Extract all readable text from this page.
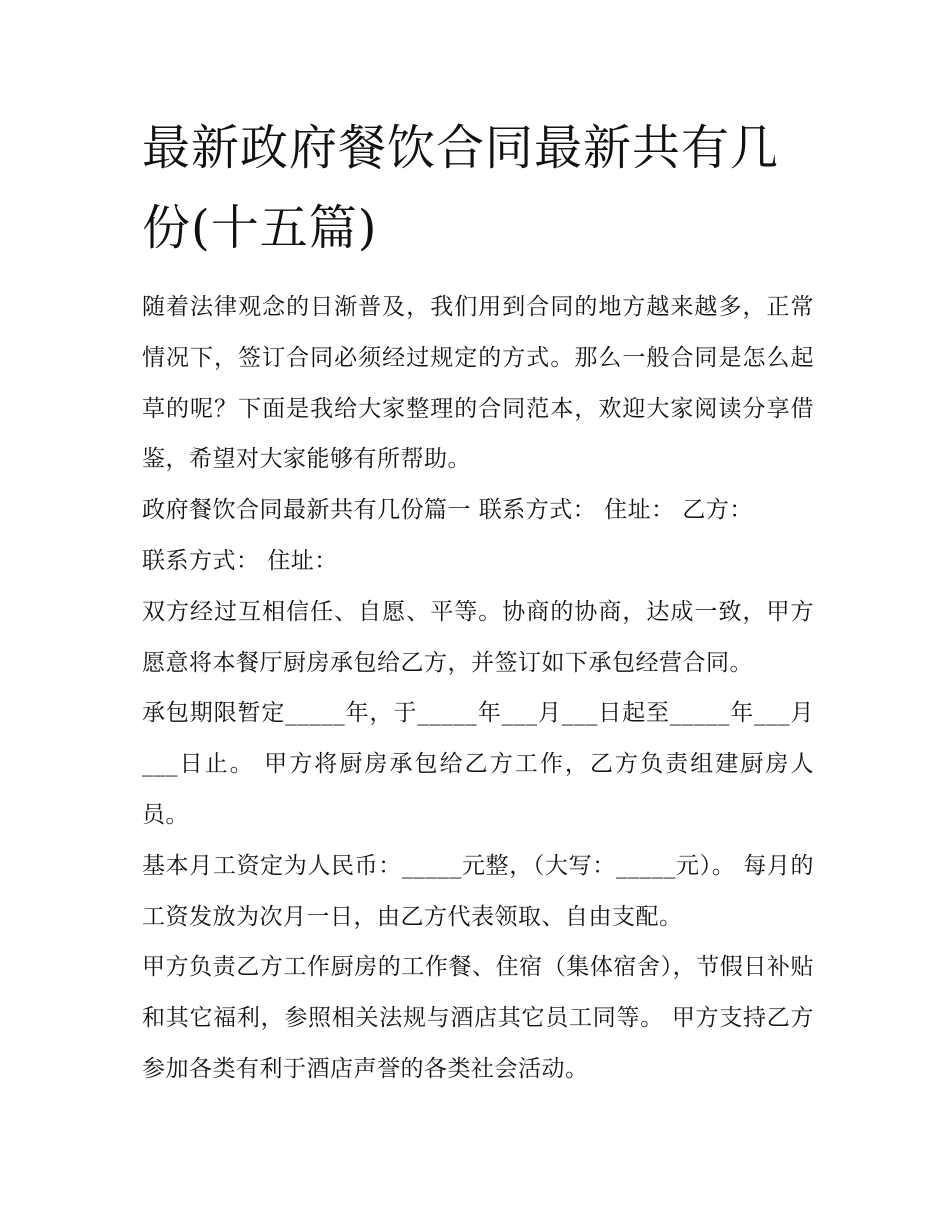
最新政府餐饮合同最新共有几份(十五篇)

随着法律观念的日渐普及，我们用到合同的地方越来越多，正常情况下，签订合同必须经过规定的方式。那么一般合同是怎么起草的呢？下面是我给大家整理的合同范本，欢迎大家阅读分享借鉴，希望对大家能够有所帮助。

政府餐饮合同最新共有几份篇一 联系方式： 住址： 乙方：

联系方式： 住址：

双方经过互相信任、自愿、平等。协商的协商，达成一致，甲方愿意将本餐厅厨房承包给乙方，并签订如下承包经营合同。

承包期限暂定_____年，于_____年___月___日起至_____年___月___日止。 甲方将厨房承包给乙方工作，乙方负责组建厨房人员。

基本月工资定为人民币：_____元整，（大写：_____元）。 每月的工资发放为次月一日，由乙方代表领取、自由支配。

甲方负责乙方工作厨房的工作餐、住宿（集体宿舍），节假日补贴和其它福利，参照相关法规与酒店其它员工同等。 甲方支持乙方参加各类有利于酒店声誉的各类社会活动。
